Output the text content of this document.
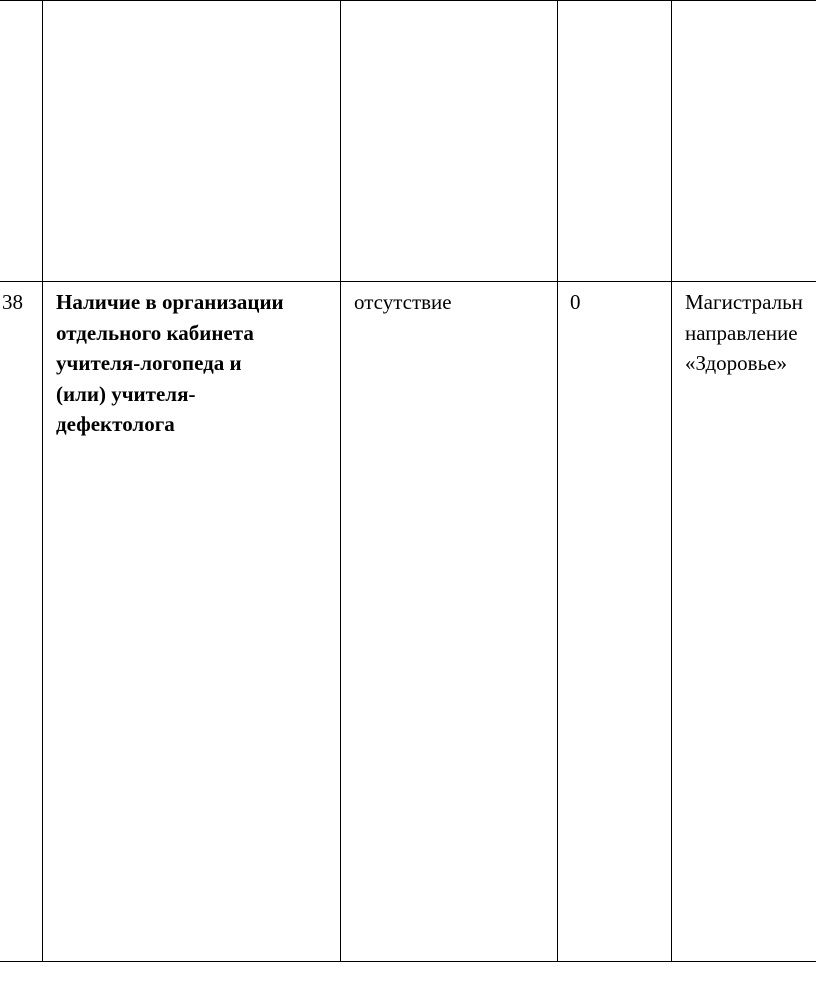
38 Наличие в организации
отдельного кабинета
учителя-логопеда и
(или) учителя-
дефектолога
отсутствие	0	Магистральн
направление
«Здоровье»
